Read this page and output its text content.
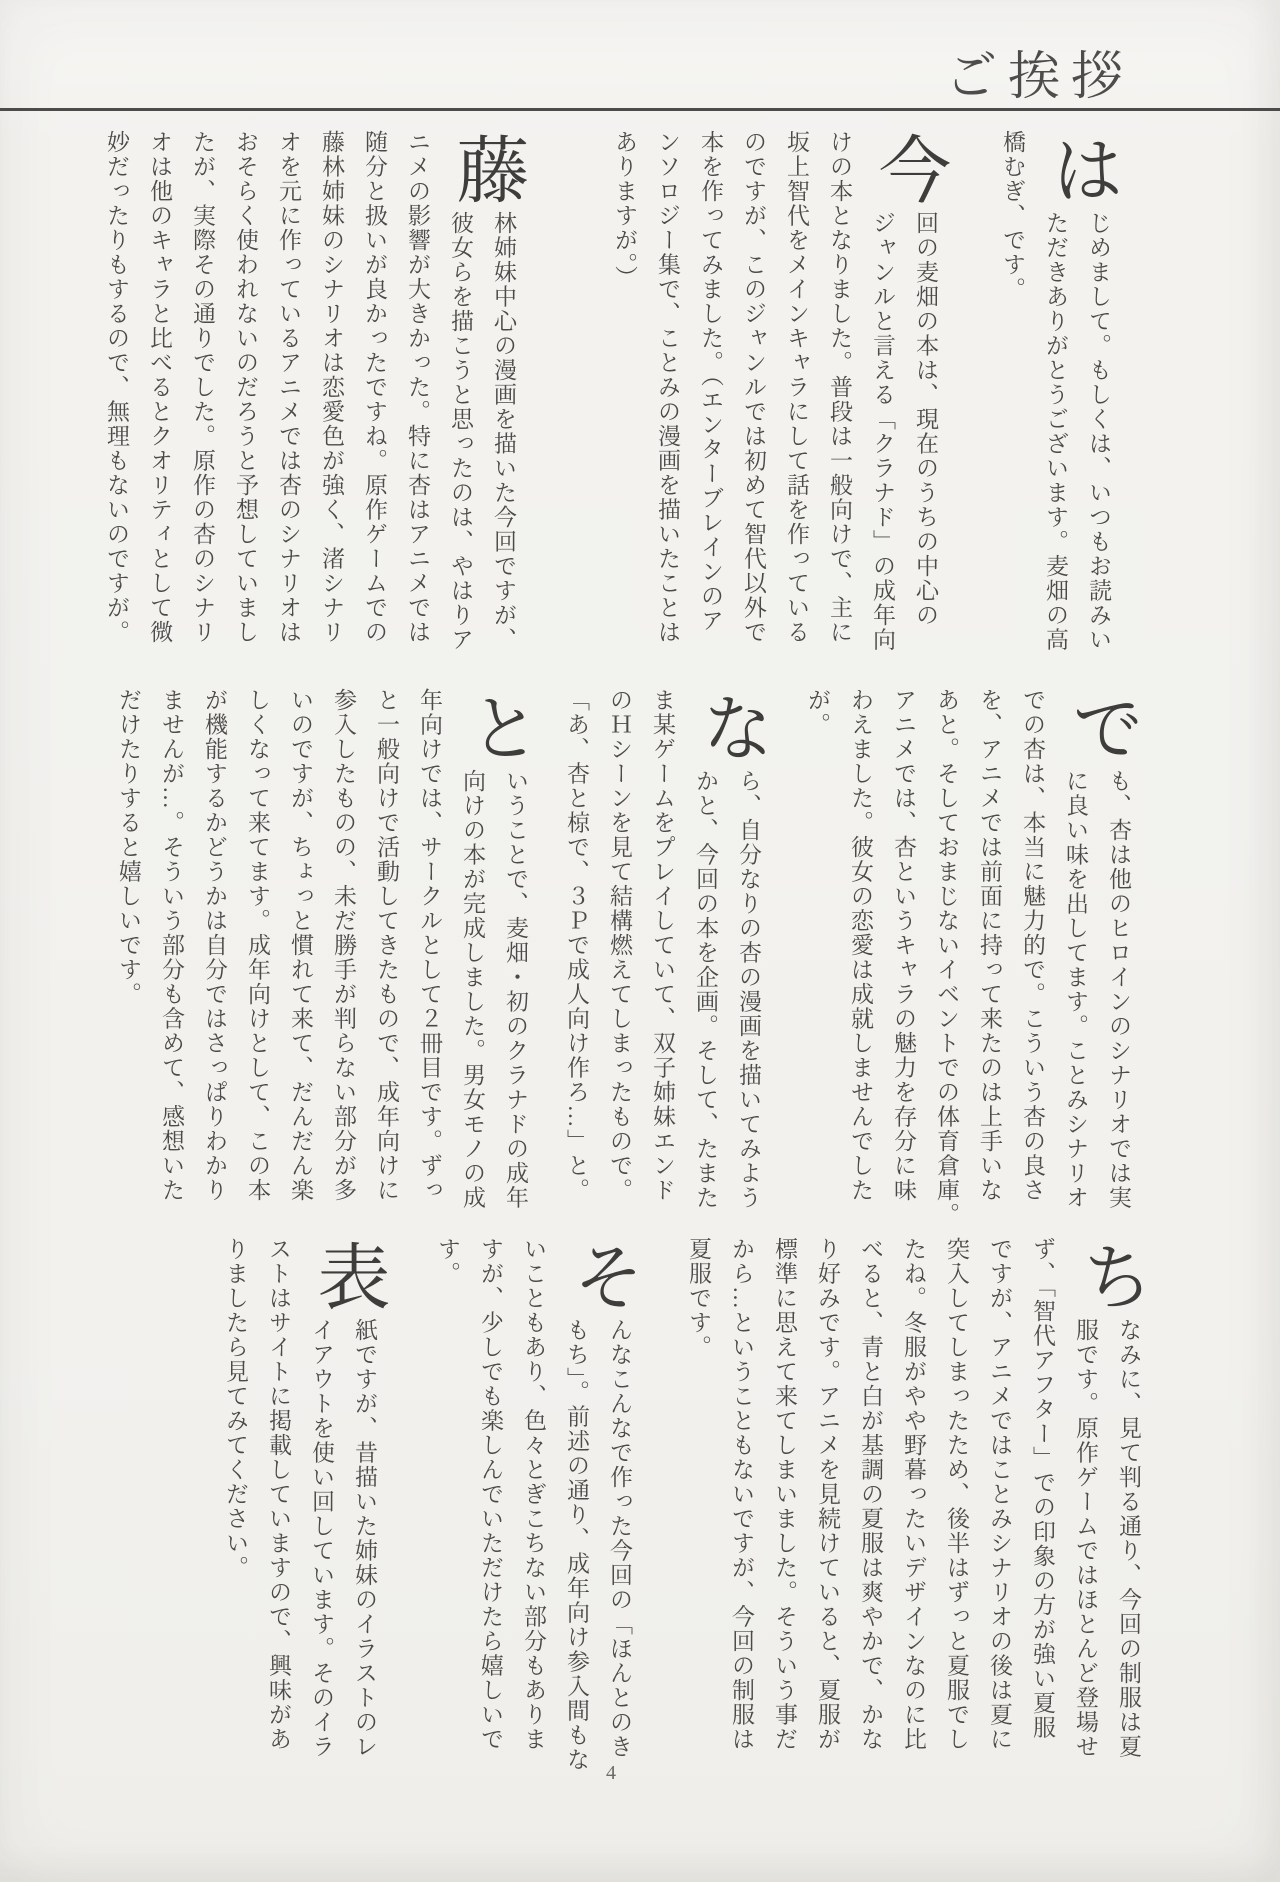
ご挨拶
は
じめまして。もしくは、いつもお読みい
ただきありがとうございます。麦畑の高
橋むぎ、です。
今
回の麦畑の本は、現在のうちの中心の
ジャンルと言える「クラナド」の成年向
けの本となりました。普段は一般向けで、主に
坂上智代をメインキャラにして話を作っている
のですが、このジャンルでは初めて智代以外で
本を作ってみました。（エンターブレインのア
ンソロジー集で、ことみの漫画を描いたことは
ありますが。）
藤
林姉妹中心の漫画を描いた今回ですが、
彼女らを描こうと思ったのは、やはりア
ニメの影響が大きかった。特に杏はアニメでは
随分と扱いが良かったですね。原作ゲームでの
藤林姉妹のシナリオは恋愛色が強く、渚シナリ
オを元に作っているアニメでは杏のシナリオは
おそらく使われないのだろうと予想していまし
たが、実際その通りでした。原作の杏のシナリ
オは他のキャラと比べるとクオリティとして微
妙だったりもするので、無理もないのですが。
で
も、杏は他のヒロインのシナリオでは実
に良い味を出してます。ことみシナリオ
での杏は、本当に魅力的で。こういう杏の良さ
を、アニメでは前面に持って来たのは上手いな
あと。そしておまじないイベントでの体育倉庫。
アニメでは、杏というキャラの魅力を存分に味
わえました。彼女の恋愛は成就しませんでした
が。
な
ら、自分なりの杏の漫画を描いてみよう
かと、今回の本を企画。そして、たまた
ま某ゲームをプレイしていて、双子姉妹エンド
のＨシーンを見て結構燃えてしまったもので。
「あ、杏と椋で、３Ｐで成人向け作ろ…」と。
と
いうことで、麦畑・初のクラナドの成年
向けの本が完成しました。男女モノの成
年向けでは、サークルとして２冊目です。ずっ
と一般向けで活動してきたもので、成年向けに
参入したものの、未だ勝手が判らない部分が多
いのですが、ちょっと慣れて来て、だんだん楽
しくなって来てます。成年向けとして、この本
が機能するかどうかは自分ではさっぱりわかり
ませんが…。そういう部分も含めて、感想いた
だけたりすると嬉しいです。
ち
なみに、見て判る通り、今回の制服は夏
服です。原作ゲームではほとんど登場せ
ず、「智代アフター」での印象の方が強い夏服
ですが、アニメではことみシナリオの後は夏に
突入してしまったため、後半はずっと夏服でし
たね。冬服がやや野暮ったいデザインなのに比
べると、青と白が基調の夏服は爽やかで、かな
り好みです。アニメを見続けていると、夏服が
標準に思えて来てしまいました。そういう事だ
から…ということもないですが、今回の制服は
夏服です。
そ
んなこんなで作った今回の「ほんとのき
もち」。前述の通り、成年向け参入間もな
いこともあり、色々とぎこちない部分もありま
すが、少しでも楽しんでいただけたら嬉しいで
す。
表
紙ですが、昔描いた姉妹のイラストのレ
イアウトを使い回しています。そのイラ
ストはサイトに掲載していますので、興味があ
りましたら見てみてください。
4
